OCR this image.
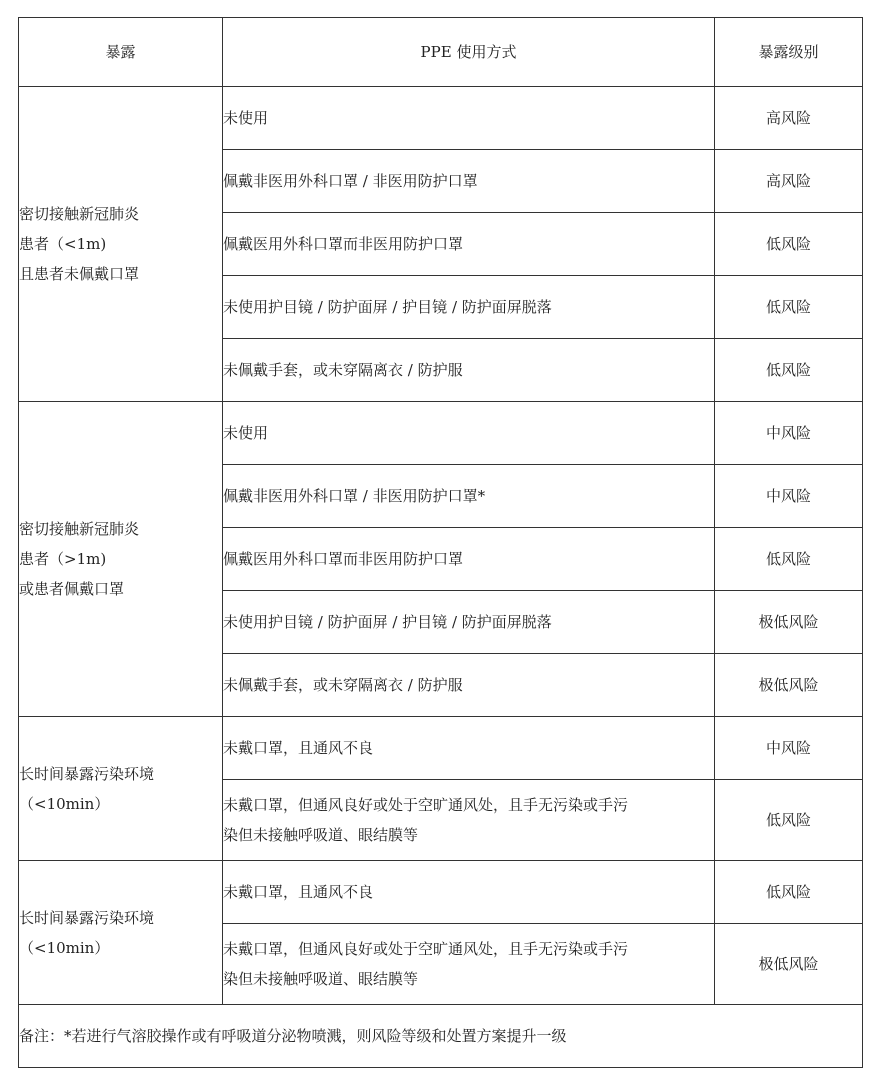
暴露	PPE 使用方式	暴露级别

密切接触新冠肺炎
患者（<1m)
且患者未佩戴口罩	未使用	高风险
	佩戴非医用外科口罩 / 非医用防护口罩	高风险
	佩戴医用外科口罩而非医用防护口罩	低风险
	未使用护目镜 / 防护面屏 / 护目镜 / 防护面屏脱落	低风险
	未佩戴手套，或未穿隔离衣 / 防护服	低风险

密切接触新冠肺炎
患者（>1m)
或患者佩戴口罩	未使用	中风险
	佩戴非医用外科口罩 / 非医用防护口罩*	中风险
	佩戴医用外科口罩而非医用防护口罩	低风险
	未使用护目镜 / 防护面屏 / 护目镜 / 防护面屏脱落	极低风险
	未佩戴手套，或未穿隔离衣 / 防护服	极低风险

长时间暴露污染环境
（<10min）	未戴口罩，且通风不良	中风险

	未戴口罩，但通风良好或处于空旷通风处，且手无污染或手污
染但未接触呼吸道、眼结膜等	低风险

长时间暴露污染环境
（<10min）	未戴口罩，且通风不良	低风险

	未戴口罩，但通风良好或处于空旷通风处，且手无污染或手污
染但未接触呼吸道、眼结膜等	极低风险
备注：*若进行气溶胶操作或有呼吸道分泌物喷溅，则风险等级和处置方案提升一级		
